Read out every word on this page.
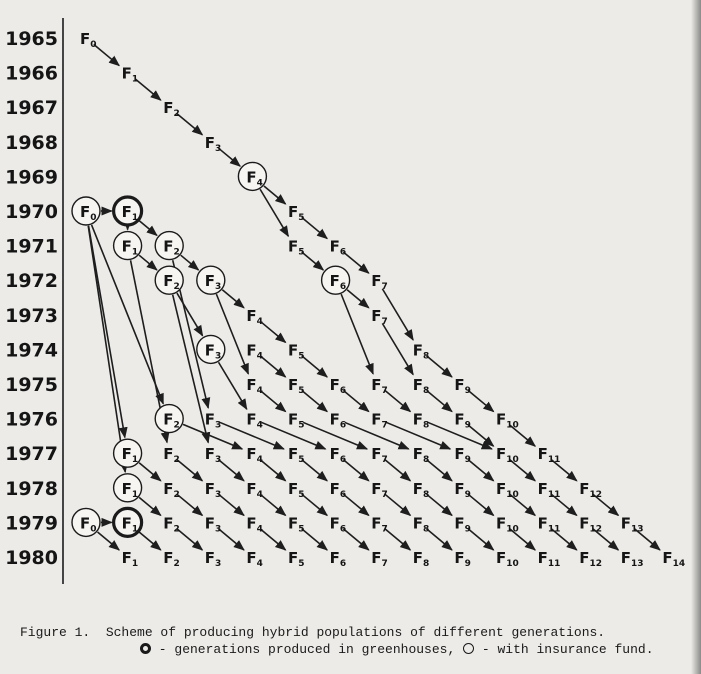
1965
1966
1967
1968
1969
1970
1971
1972
1973
1974
1975
1976
1977
1978
1979
1980
$F_0$
$F_1$
$F_2$
$F_3$
$F_4$
$F_0$ $F_1$	$F_5$
$F_1$ $F_2$	$F_5$ $F_6$
$F_2$ $F_3$	$F_6$ $F_7$
$F_4$	$F_7$
$F_3$ $F_4$ $F_5$	$F_8$
$F_4$ $F_5$ $F_6$ $F_7$ $F_8$ $F_9$
$F_2$ $F_3$ $F_4$ $F_5$ $F_6$ $F_7$ $F_8$ $F_9$ $F_{10}$
$F_1$ $F_2$ $F_3$ $F_4$ $F_5$ $F_6$ $F_7$ $F_8$ $F_9$ $F_{10}$ $F_{11}$
$F_1$ $F_2$ $F_3$ $F_4$ $F_5$ $F_6$ $F_7$ $F_8$ $F_9$ $F_{10}$ $F_{11}$ $F_{12}$
$F_0$ $F_1$ $F_2$ $F_3$ $F_4$ $F_5$ $F_6$ $F_7$ $F_8$ $F_9$ $F_{10}$ $F_{11}$ $F_{12}$ $F_{13}$
$F_1$ $F_2$ $F_3$ $F_4$ $F_5$ $F_6$ $F_7$ $F_8$ $F_9$ $F_{10}$ $F_{11}$ $F_{12}$ $F_{13}$ $F_{14}$
Figure 1.  Scheme of producing hybrid populations of different generations.
- generations produced in greenhouses,  - with insurance fund.
